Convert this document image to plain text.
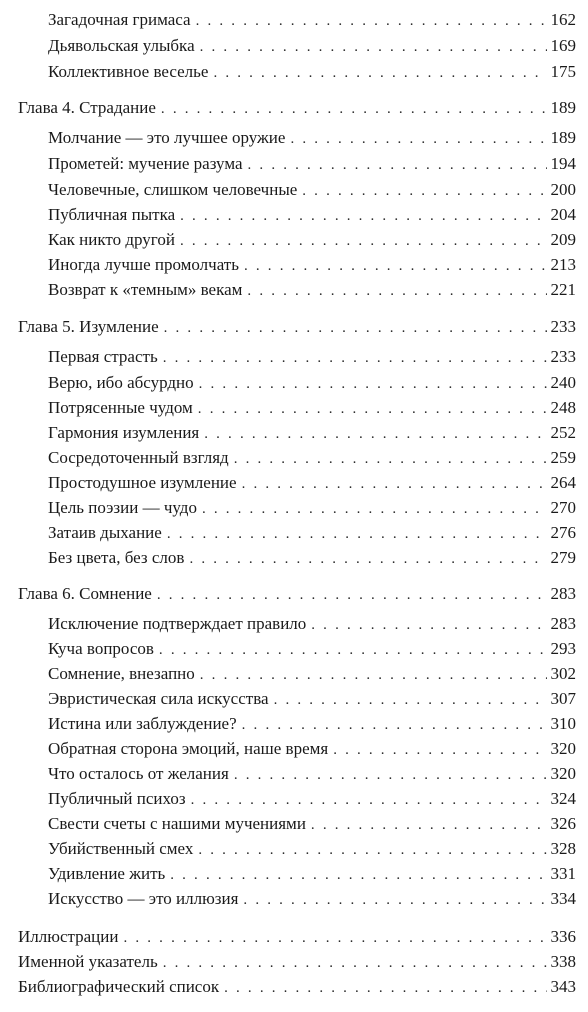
Загадочная гримаса . . .	162
Дьявольская улыбка . . .	169
Коллективное веселье . . .	175
Глава 4. Страдание . . .	189
Молчание — это лучшее оружие . . .	189
Прометей: мучение разума . . .	194
Человечные, слишком человечные . . .	200
Публичная пытка . . .	204
Как никто другой . . .	209
Иногда лучше промолчать . . .	213
Возврат к «темным» векам . . .	221
Глава 5. Изумление . . .	233
Первая страсть . . .	233
Верю, ибо абсурдно . . .	240
Потрясенные чудом . . .	248
Гармония изумления . . .	252
Сосредоточенный взгляд . . .	259
Простодушное изумление . . .	264
Цель поэзии — чудо . . .	270
Затаив дыхание . . .	276
Без цвета, без слов . . .	279
Глава 6. Сомнение . . .	283
Исключение подтверждает правило . . .	283
Куча вопросов . . .	293
Сомнение, внезапно . . .	302
Эвристическая сила искусства . . .	307
Истина или заблуждение? . . .	310
Обратная сторона эмоций, наше время . . .	320
Что осталось от желания . . .	320
Публичный психоз . . .	324
Свести счеты с нашими мучениями . . .	326
Убийственный смех . . .	328
Удивление жить . . .	331
Искусство — это иллюзия . . .	334
Иллюстрации . . .	336
Именной указатель . . .	338
Библиографический список . . .	343
